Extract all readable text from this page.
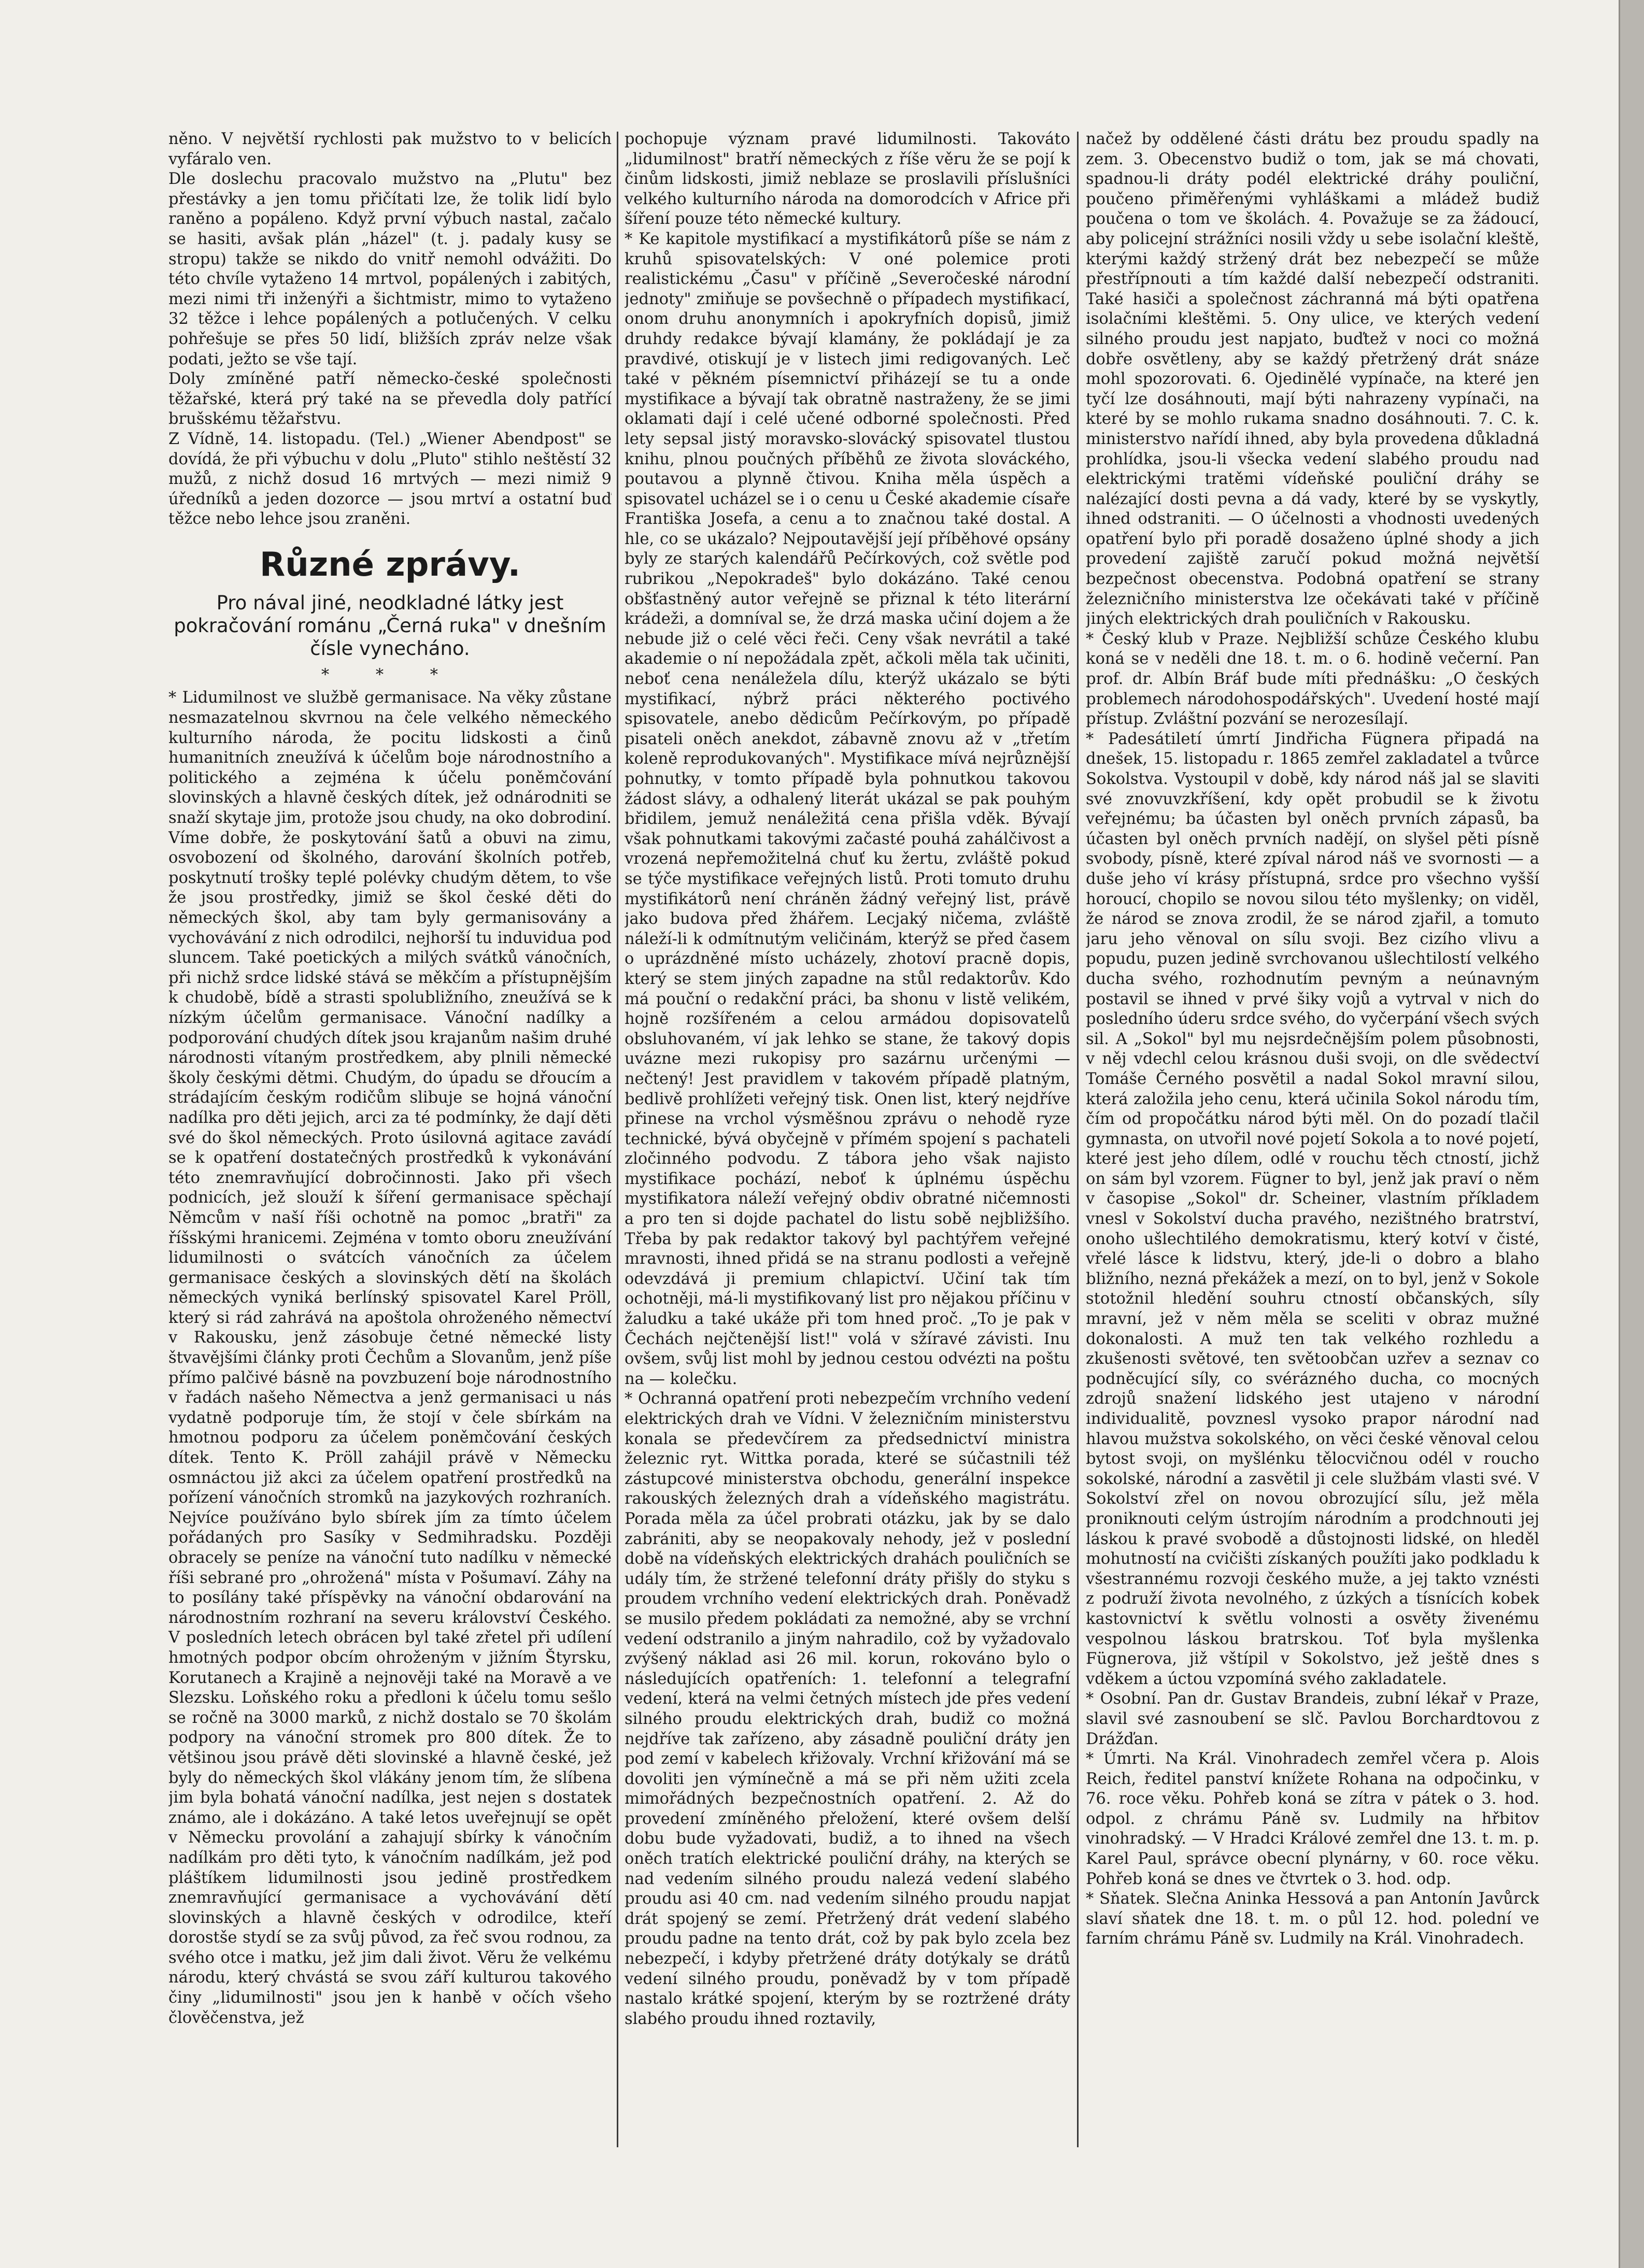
něno. V největší rychlosti pak mužstvo to v belicích vyfáralo ven.

Dle doslechu pracovalo mužstvo na „Plutu" bez přestávky a jen tomu přičítati lze, že tolik lidí bylo raněno a popáleno. Když první výbuch nastal, začalo se hasiti, avšak plán „házel" (t. j. padaly kusy se stropu) takže se nikdo do vnitř nemohl odvážiti. Do této chvíle vytaženo 14 mrtvol, popálených i zabitých, mezi nimi tři inženýři a šichtmistr, mimo to vytaženo 32 těžce i lehce popálených a potlučených. V celku pohřešuje se přes 50 lidí, bližších zpráv nelze však podati, ježto se vše tají.

Doly zmíněné patří německo-české společnosti těžařské, která prý také na se převedla doly patřící brušskému těžařstvu.

Z Vídně, 14. listopadu. (Tel.) „Wiener Abendpost" se dovídá, že při výbuchu v dolu „Pluto" stihlo neštěstí 32 mužů, z nichž dosud 16 mrtvých — mezi nimiž 9 úředníků a jeden dozorce — jsou mrtví a ostatní buď těžce nebo lehce jsou zraněni.

Různé zprávy.

Pro nával jiné, neodkladné látky jest pokračování románu „Černá ruka" v dnešním čísle vynecháno.

* * *

* Lidumilnost ve službě germanisace. Na věky zůstane nesmazatelnou skvrnou na čele velkého německého kulturního národa, že pocitu lidskosti a činů humanitních zneužívá k účelům boje národnostního a politického a zejména k účelu poněmčování slovinských a hlavně českých dítek, jež odnárodniti se snaží skytaje jim, protože jsou chudy, na oko dobrodiní. Víme dobře, že poskytování šatů a obuvi na zimu, osvobození od školného, darování školních potřeb, poskytnutí trošky teplé polévky chudým dětem, to vše že jsou prostředky, jimiž se škol české děti do německých škol, aby tam byly germanisovány a vychovávání z nich odrodilci, nejhorší tu induvidua pod sluncem. Také poetických a milých svátků vánočních, při nichž srdce lidské stává se měkčím a přístupnějším k chudobě, bídě a strasti spolubližního, zneužívá se k nízkým účelům germanisace. Vánoční nadílky a podporování chudých dítek jsou krajanům našim druhé národnosti vítaným prostředkem, aby plnili německé školy českými dětmi. Chudým, do úpadu se dřoucím a strádajícím českým rodičům slibuje se hojná vánoční nadílka pro děti jejich, arci za té podmínky, že dají děti své do škol německých. Proto úsilovná agitace zavádí se k opatření dostatečných prostředků k vykonávání této znemravňující dobročinnosti. Jako při všech podnicích, jež slouží k šíření germanisace spěchají Němcům v naší říši ochotně na pomoc „bratři" za říšskými hranicemi. Zejména v tomto oboru zneužívání lidumilnosti o svátcích vánočních za účelem germanisace českých a slovinských dětí na školách německých vyniká berlínský spisovatel Karel Pröll, který si rád zahrává na apoštola ohroženého němectví v Rakousku, jenž zásobuje četné německé listy štvavějšími články proti Čechům a Slovanům, jenž píše přímo palčivé básně na povzbuzení boje národnostního v řadách našeho Němectva a jenž germanisaci u nás vydatně podporuje tím, že stojí v čele sbírkám na hmotnou podporu za účelem poněmčování českých dítek. Tento K. Pröll zahájil právě v Německu osmnáctou již akci za účelem opatření prostředků na pořízení vánočních stromků na jazykových rozhraních. Nejvíce používáno bylo sbírek jím za tímto účelem pořádaných pro Sasíky v Sedmihradsku. Později obracely se peníze na vánoční tuto nadílku v německé říši sebrané pro „ohrožená" místa v Pošumaví. Záhy na to posílány také příspěvky na vánoční obdarování na národnostním rozhraní na severu království Českého. V posledních letech obrácen byl také zřetel při udílení hmotných podpor obcím ohroženým v jižním Štyrsku, Korutanech a Krajině a nejnověji také na Moravě a ve Slezsku. Loňského roku a předloni k účelu tomu sešlo se ročně na 3000 marků, z nichž dostalo se 70 školám podpory na vánoční stromek pro 800 dítek. Že to většinou jsou právě děti slovinské a hlavně české, jež byly do německých škol vlákány jenom tím, že slíbena jim byla bohatá vánoční nadílka, jest nejen s dostatek známo, ale i dokázáno. A také letos uveřejnují se opět v Německu provolání a zahajují sbírky k vánočním nadílkám pro děti tyto, k vánočním nadílkám, jež pod pláštíkem lidumilnosti jsou jedině prostředkem znemravňující germanisace a vychovávání dětí slovinských a hlavně českých v odrodilce, kteří dorostše stydí se za svůj původ, za řeč svou rodnou, za svého otce i matku, jež jim dali život. Věru že velkému národu, který chvástá se svou září kulturou takového činy „lidumilnosti" jsou jen k hanbě v očích všeho člověčenstva, jež

pochopuje význam pravé lidumilnosti. Takováto „lidumilnost" bratří německých z říše věru že se pojí k činům lidskosti, jimiž neblaze se proslavili příslušníci velkého kulturního národa na domorodcích v Africe při šíření pouze této německé kultury.

* Ke kapitole mystifikací a mystifikátorů píše se nám z kruhů spisovatelských: V oné polemice proti realistickému „Času" v příčině „Severočeské národní jednoty" zmiňuje se povšechně o případech mystifikací, onom druhu anonymních i apokryfních dopisů, jimiž druhdy redakce bývají klamány, že pokládají je za pravdivé, otiskují je v listech jimi redigovaných. Leč také v pěkném písemnictví přiházejí se tu a onde mystifikace a bývají tak obratně nastraženy, že se jimi oklamati dají i celé učené odborné společnosti. Před lety sepsal jistý moravsko-slovácký spisovatel tlustou knihu, plnou poučných příběhů ze života slováckého, poutavou a plynně čtivou. Kniha měla úspěch a spisovatel ucházel se i o cenu u České akademie císaře Františka Josefa, a cenu a to značnou také dostal. A hle, co se ukázalo? Nejpoutavější její příběhové opsány byly ze starých kalendářů Pečírkových, což světle pod rubrikou „Nepokradeš" bylo dokázáno. Také cenou obšťastněný autor veřejně se přiznal k této literární krádeži, a domníval se, že drzá maska učiní dojem a že nebude již o celé věci řeči. Ceny však nevrátil a také akademie o ní nepožádala zpět, ačkoli měla tak učiniti, neboť cena nenáležela dílu, kterýž ukázalo se býti mystifikací, nýbrž práci některého poctivého spisovatele, anebo dědicům Pečírkovým, po případě pisateli oněch anekdot, zábavně znovu až v „třetím koleně reprodukovaných". Mystifikace mívá nejrůznější pohnutky, v tomto případě byla pohnutkou takovou žádost slávy, a odhalený literát ukázal se pak pouhým břidilem, jemuž nenáležitá cena přišla vděk. Bývají však pohnutkami takovými začasté pouhá zahálčivost a vrozená nepřemožitelná chuť ku žertu, zvláště pokud se týče mystifikace veřejných listů. Proti tomuto druhu mystifikátorů není chráněn žádný veřejný list, právě jako budova před žhářem. Lecjaký ničema, zvláště náleží-li k odmítnutým veličinám, kterýž se před časem o uprázdněné místo ucházely, zhotoví pracně dopis, který se stem jiných zapadne na stůl redaktorův. Kdo má pouční o redakční práci, ba shonu v listě velikém, hojně rozšířeném a celou armádou dopisovatelů obsluhovaném, ví jak lehko se stane, že takový dopis uvázne mezi rukopisy pro sazárnu určenými — nečtený! Jest pravidlem v takovém případě platným, bedlivě prohlížeti veřejný tisk. Onen list, který nejdříve přinese na vrchol výsměšnou zprávu o nehodě ryze technické, bývá obyčejně v přímém spojení s pachateli zločinného podvodu. Z tábora jeho však najisto mystifikace pochází, neboť k úplnému úspěchu mystifikatora náleží veřejný obdiv obratné ničemnosti a pro ten si dojde pachatel do listu sobě nejbližšího. Třeba by pak redaktor takový byl pachtýřem veřejné mravnosti, ihned přidá se na stranu podlosti a veřejně odevzdává ji premium chlapictví. Učiní tak tím ochotněji, má-li mystifikovaný list pro nějakou příčinu v žaludku a také ukáže při tom hned proč. „To je pak v Čechách nejčtenější list!" volá v sžíravé závisti. Inu ovšem, svůj list mohl by jednou cestou odvézti na poštu na — kolečku.

* Ochranná opatření proti nebezpečím vrchního vedení elektrických drah ve Vídni. V železničním ministerstvu konala se předevčírem za předsednictví ministra železnic ryt. Wittka porada, které se súčastnili též zástupcové ministerstva obchodu, generální inspekce rakouských železných drah a vídeňského magistrátu. Porada měla za účel probrati otázku, jak by se dalo zabrániti, aby se neopakovaly nehody, jež v poslední době na vídeňských elektrických drahách pouličních se udály tím, že stržené telefonní dráty přišly do styku s proudem vrchního vedení elektrických drah. Poněvadž se musilo předem pokládati za nemožné, aby se vrchní vedení odstranilo a jiným nahradilo, což by vyžadovalo zvýšený náklad asi 26 mil. korun, rokováno bylo o následujících opatřeních: 1. telefonní a telegrafní vedení, která na velmi četných místech jde přes vedení silného proudu elektrických drah, budiž co možná nejdříve tak zařízeno, aby zásadně pouliční dráty jen pod zemí v kabelech křižovaly. Vrchní křižování má se dovoliti jen výmínečně a má se při něm užiti zcela mimořádných bezpečnostních opatření. 2. Až do provedení zmíněného přeložení, které ovšem delší dobu bude vyžadovati, budiž, a to ihned na všech oněch tratích elektrické pouliční dráhy, na kterých se nad vedením silného proudu nalezá vedení slabého proudu asi 40 cm. nad vedením silného proudu napjat drát spojený se zemí. Přetržený drát vedení slabého proudu padne na tento drát, což by pak bylo zcela bez nebezpečí, i kdyby přetržené dráty dotýkaly se drátů vedení silného proudu, poněvadž by v tom případě nastalo krátké spojení, kterým by se roztržené dráty slabého proudu ihned roztavily,

načež by oddělené části drátu bez proudu spadly na zem. 3. Obecenstvo budiž o tom, jak se má chovati, spadnou-li dráty podél elektrické dráhy pouliční, poučeno přiměřenými vyhláškami a mládež budiž poučena o tom ve školách. 4. Považuje se za žádoucí, aby policejní strážníci nosili vždy u sebe isolační kleště, kterými každý stržený drát bez nebezpečí se může přestřípnouti a tím každé další nebezpečí odstraniti. Také hasiči a společnost záchranná má býti opatřena isolačními kleštěmi. 5. Ony ulice, ve kterých vedení silného proudu jest napjato, buďtež v noci co možná dobře osvětleny, aby se každý přetržený drát snáze mohl spozorovati. 6. Ojedinělé vypínače, na které jen tyčí lze dosáhnouti, mají býti nahrazeny vypínači, na které by se mohlo rukama snadno dosáhnouti. 7. C. k. ministerstvo nařídí ihned, aby byla provedena důkladná prohlídka, jsou-li všecka vedení slabého proudu nad elektrickými tratěmi vídeňské pouliční dráhy se nalézající dosti pevna a dá vady, které by se vyskytly, ihned odstraniti. — O účelnosti a vhodnosti uvedených opatření bylo při poradě dosaženo úplné shody a jich provedení zajiště zaručí pokud možná největší bezpečnost obecenstva. Podobná opatření se strany železničního ministerstva lze očekávati také v příčině jiných elektrických drah pouličních v Rakousku.

* Český klub v Praze. Nejbližší schůze Českého klubu koná se v neděli dne 18. t. m. o 6. hodině večerní. Pan prof. dr. Albín Bráf bude míti přednášku: „O českých problemech národohospodářských". Uvedení hosté mají přístup. Zvláštní pozvání se nerozesílají.

* Padesátiletí úmrtí Jindřicha Fügnera připadá na dnešek, 15. listopadu r. 1865 zemřel zakladatel a tvůrce Sokolstva. Vystoupil v době, kdy národ náš jal se slaviti své znovuvzkříšení, kdy opět probudil se k životu veřejnému; ba účasten byl oněch prvních zápasů, ba účasten byl oněch prvních nadějí, on slyšel pěti písně svobody, písně, které zpíval národ náš ve svornosti — a duše jeho ví krásy přístupná, srdce pro všechno vyšší horoucí, chopilo se novou silou této myšlenky; on viděl, že národ se znova zrodil, že se národ zjařil, a tomuto jaru jeho věnoval on sílu svoji. Bez cizího vlivu a popudu, puzen jedině svrchovanou ušlechtilostí velkého ducha svého, rozhodnutím pevným a neúnavným postavil se ihned v prvé šiky vojů a vytrval v nich do posledního úderu srdce svého, do vyčerpání všech svých sil. A „Sokol" byl mu nejsrdečnějším polem působnosti, v něj vdechl celou krásnou duši svoji, on dle svědectví Tomáše Černého posvětil a nadal Sokol mravní silou, která založila jeho cenu, která učinila Sokol národu tím, čím od propočátku národ býti měl. On do pozadí tlačil gymnasta, on utvořil nové pojetí Sokola a to nové pojetí, které jest jeho dílem, odlé v rouchu těch ctností, jichž on sám byl vzorem. Fügner to byl, jenž jak praví o něm v časopise „Sokol" dr. Scheiner, vlastním příkladem vnesl v Sokolství ducha pravého, nezištného bratrství, onoho ušlechtilého demokratismu, který kotví v čisté, vřelé lásce k lidstvu, který, jde-li o dobro a blaho bližního, nezná překážek a mezí, on to byl, jenž v Sokole stotožnil hledění souhru ctností občanských, síly mravní, jež v něm měla se sceliti v obraz mužné dokonalosti. A muž ten tak velkého rozhledu a zkušenosti světové, ten světoobčan uzřev a seznav co podněcující síly, co svérázného ducha, co mocných zdrojů snažení lidského jest utajeno v národní individualitě, povznesl vysoko prapor národní nad hlavou mužstva sokolského, on věci české věnoval celou bytost svoji, on myšlénku tělocvičnou odél v roucho sokolské, národní a zasvětil ji cele službám vlasti své. V Sokolství zřel on novou obrozující sílu, jež měla proniknouti celým ústrojím národním a prodchnouti jej láskou k pravé svobodě a důstojnosti lidské, on hleděl mohutností na cvičišti získaných použíti jako podkladu k všestrannému rozvoji českého muže, a jej takto vznésti z podruží života nevolného, z úzkých a tísnících kobek kastovnictví k světlu volnosti a osvěty živenému vespolnou láskou bratrskou. Toť byla myšlenka Fügnerova, již vštípil v Sokolstvo, jež ještě dnes s vděkem a úctou vzpomíná svého zakladatele.

* Osobní. Pan dr. Gustav Brandeis, zubní lékař v Praze, slavil své zasnoubení se slč. Pavlou Borchardtovou z Drážďan.

* Úmrti. Na Král. Vinohradech zemřel včera p. Alois Reich, ředitel panství knížete Rohana na odpočinku, v 76. roce věku. Pohřeb koná se zítra v pátek o 3. hod. odpol. z chrámu Páně sv. Ludmily na hřbitov vinohradský. — V Hradci Králové zemřel dne 13. t. m. p. Karel Paul, správce obecní plynárny, v 60. roce věku. Pohřeb koná se dnes ve čtvrtek o 3. hod. odp.

* Sňatek. Slečna Aninka Hessová a pan Antonín Javůrck slaví sňatek dne 18. t. m. o půl 12. hod. polední ve farním chrámu Páně sv. Ludmily na Král. Vinohradech.
